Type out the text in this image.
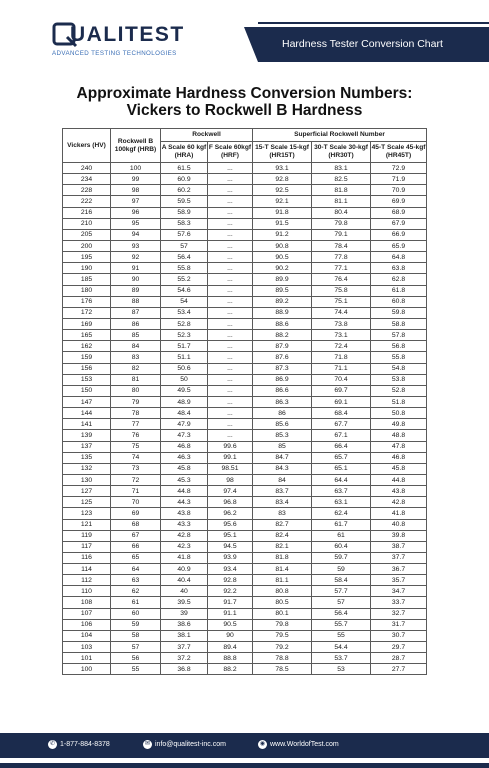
UALITEST
ADVANCED TESTING TECHNOLOGIES
Hardness Tester Conversion Chart
Approximate Hardness Conversion Numbers:
Vickers to Rockwell B Hardness
Vickers (HV)	Rockwell B 100kgf (HRB)	Rockwell		Superficial Rockwell Number		
		A Scale 60 kgf (HRA)	F Scale 60kgf (HRF)	15-T Scale 15-kgf (HR15T)	30-T Scale 30-kgf (HR30T)	45-T Scale 45-kgf (HR45T)
240	100	61.5	...	93.1	83.1	72.9
234	99	60.9	...	92.8	82.5	71.9
228	98	60.2	...	92.5	81.8	70.9
222	97	59.5	...	92.1	81.1	69.9
216	96	58.9	...	91.8	80.4	68.9
210	95	58.3	...	91.5	79.8	67.9
205	94	57.6	...	91.2	79.1	66.9
200	93	57	...	90.8	78.4	65.9
195	92	56.4	...	90.5	77.8	64.8
190	91	55.8	...	90.2	77.1	63.8
185	90	55.2	...	89.9	76.4	62.8
180	89	54.6	...	89.5	75.8	61.8
176	88	54	...	89.2	75.1	60.8
172	87	53.4	...	88.9	74.4	59.8
169	86	52.8	...	88.6	73.8	58.8
165	85	52.3	...	88.2	73.1	57.8
162	84	51.7	...	87.9	72.4	56.8
159	83	51.1	...	87.6	71.8	55.8
156	82	50.6	...	87.3	71.1	54.8
153	81	50	...	86.9	70.4	53.8
150	80	49.5	...	86.6	69.7	52.8
147	79	48.9	...	86.3	69.1	51.8
144	78	48.4	...	86	68.4	50.8
141	77	47.9	...	85.6	67.7	49.8
139	76	47.3	...	85.3	67.1	48.8
137	75	46.8	99.6	85	66.4	47.8
135	74	46.3	99.1	84.7	65.7	46.8
132	73	45.8	98.51	84.3	65.1	45.8
130	72	45.3	98	84	64.4	44.8
127	71	44.8	97.4	83.7	63.7	43.8
125	70	44.3	96.8	83.4	63.1	42.8
123	69	43.8	96.2	83	62.4	41.8
121	68	43.3	95.6	82.7	61.7	40.8
119	67	42.8	95.1	82.4	61	39.8
117	66	42.3	94.5	82.1	60.4	38.7
116	65	41.8	93.9	81.8	59.7	37.7
114	64	40.9	93.4	81.4	59	36.7
112	63	40.4	92.8	81.1	58.4	35.7
110	62	40	92.2	80.8	57.7	34.7
108	61	39.5	91.7	80.5	57	33.7
107	60	39	91.1	80.1	56.4	32.7
106	59	38.6	90.5	79.8	55.7	31.7
104	58	38.1	90	79.5	55	30.7
103	57	37.7	89.4	79.2	54.4	29.7
101	56	37.2	88.8	78.8	53.7	28.7
100	55	36.8	88.2	78.5	53	27.7
✆ 1-877-884-8378	✉ info@qualitest-inc.com	◉ www.WorldofTest.com
